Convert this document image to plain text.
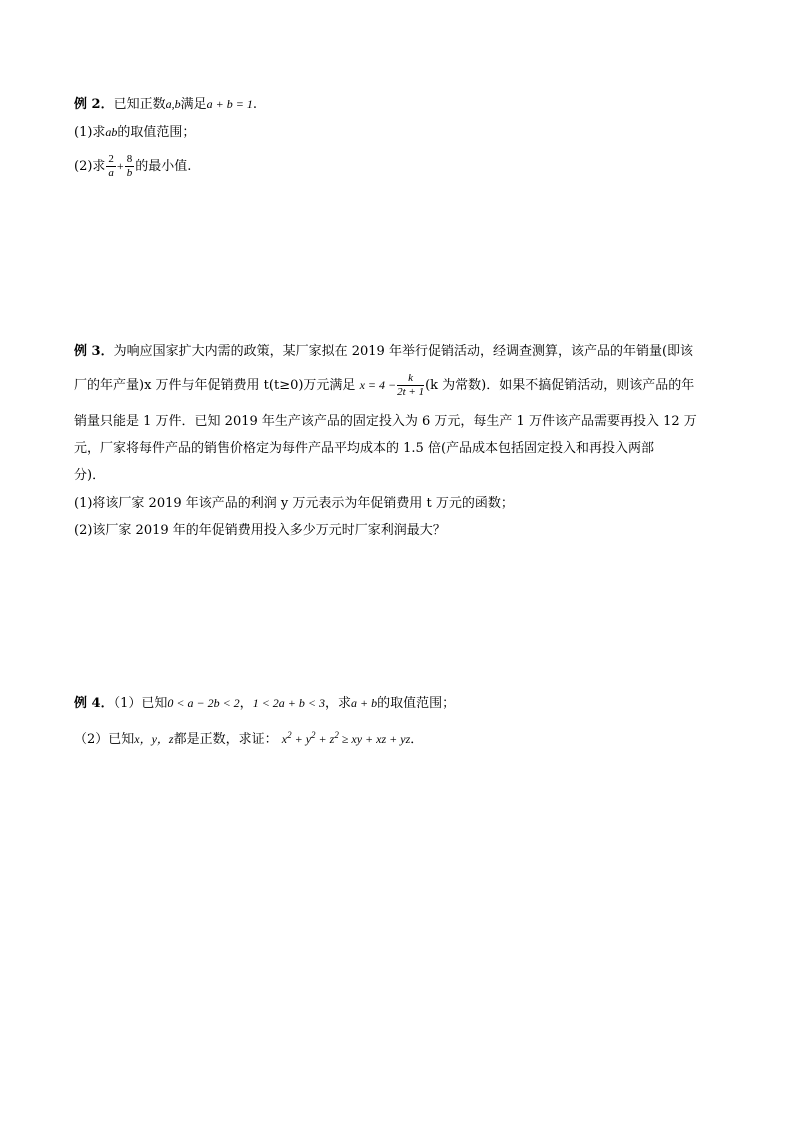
例 2．已知正数a,b满足a + b = 1.
(1)求ab的取值范围；
(2)求 $\frac{2}{a} + \frac{8}{b}$ 的最小值.
例 3．为响应国家扩大内需的政策，某厂家拟在 2019 年举行促销活动，经调查测算，该产品的年销量(即该
厂的年产量)x 万件与年促销费用 t(t≥0)万元满足 $x = 4 - \frac{k}{2t + 1} (k$ 为常数)．如果不搞促销活动，则该产品的年
销量只能是 1 万件．已知 2019 年生产该产品的固定投入为 6 万元，每生产 1 万件该产品需要再投入 12 万
元，厂家将每件产品的销售价格定为每件产品平均成本的 1.5 倍(产品成本包括固定投入和再投入两部
分)．
(1)将该厂家 2019 年该产品的利润 y 万元表示为年促销费用 t 万元的函数；
(2)该厂家 2019 年的年促销费用投入多少万元时厂家利润最大？
例 4．（1）已知0 < a − 2b < 2，1 < 2a + b < 3，求a + b的取值范围；
（2）已知x，y，z都是正数，求证： $x^2 + y^2 + z^2$ ≥ xy + xz + yz．
